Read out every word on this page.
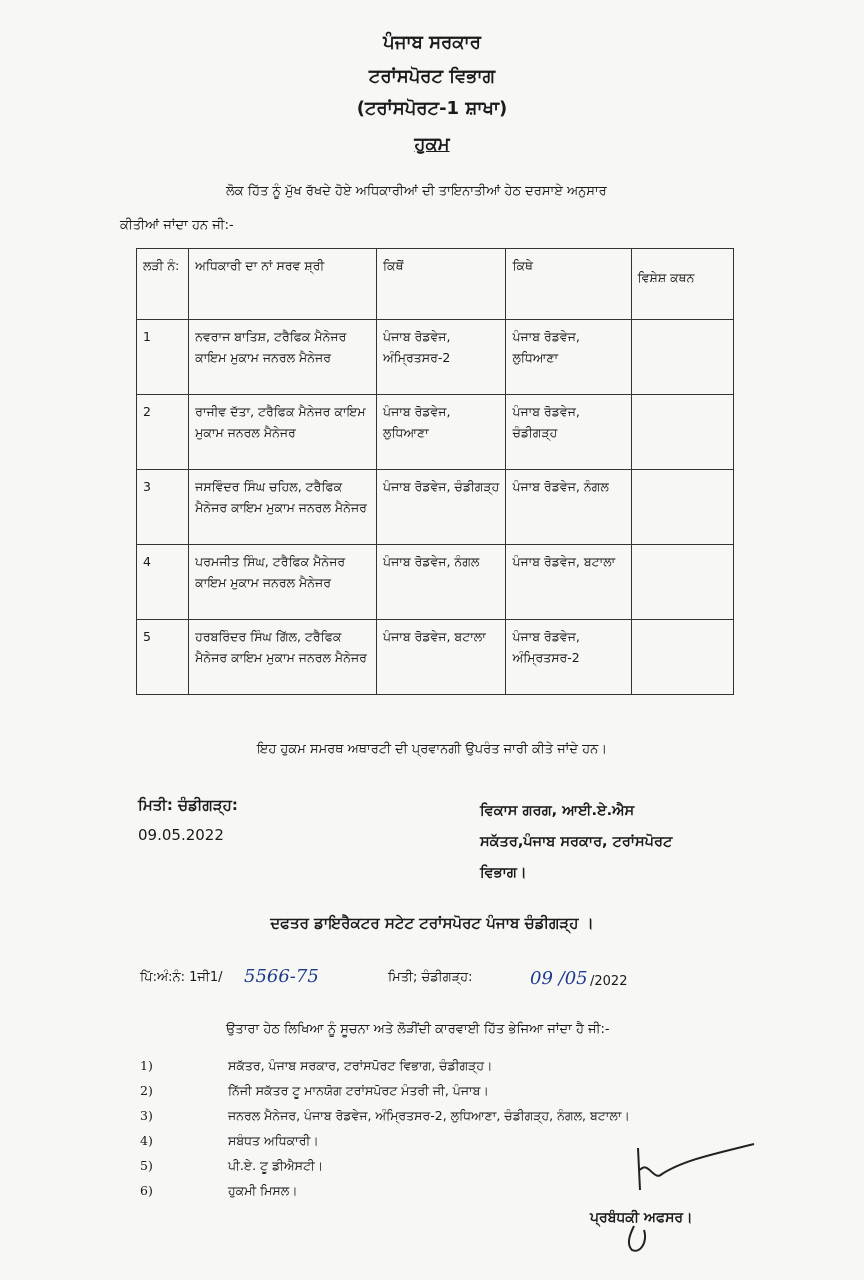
ਪੰਜਾਬ ਸਰਕਾਰ
ਟਰਾਂਸਪੋਰਟ ਵਿਭਾਗ
(ਟਰਾਂਸਪੋਰਟ-1 ਸ਼ਾਖਾ)
ਹੁਕਮ
ਲੋਕ ਹਿੱਤ ਨੂੰ ਮੁੱਖ ਰੱਖਦੇ ਹੋਏ ਅਧਿਕਾਰੀਆਂ ਦੀ ਤਾਇਨਾਤੀਆਂ ਹੇਠ ਦਰਸਾਏ ਅਨੁਸਾਰ
ਕੀਤੀਆਂ ਜਾਂਦਾ ਹਨ ਜੀ:-
ਲੜੀ ਨੰ:	ਅਧਿਕਾਰੀ ਦਾ ਨਾਂ ਸਰਵ ਸ਼੍ਰੀ	ਕਿਥੋਂ	ਕਿਥੇ	ਵਿਸ਼ੇਸ਼ ਕਥਨ
1	ਨਵਰਾਜ ਬਾਤਿਸ਼, ਟਰੈਫਿਕ ਮੈਨੇਜਰ ਕਾਇਮ ਮੁਕਾਮ ਜਨਰਲ ਮੈਨੇਜਰ	ਪੰਜਾਬ ਰੋਡਵੇਜ, ਅੰਮ੍ਰਿਤਸਰ-2	ਪੰਜਾਬ ਰੋਡਵੇਜ, ਲੁਧਿਆਣਾ	
2	ਰਾਜੀਵ ਦੱਤਾ, ਟਰੈਫਿਕ ਮੈਨੇਜਰ ਕਾਇਮ ਮੁਕਾਮ ਜਨਰਲ ਮੈਨੇਜਰ	ਪੰਜਾਬ ਰੋਡਵੇਜ, ਲੁਧਿਆਣਾ	ਪੰਜਾਬ ਰੋਡਵੇਜ, ਚੰਡੀਗੜ੍ਹ	
3	ਜਸਵਿੰਦਰ ਸਿੰਘ ਚਹਿਲ, ਟਰੈਫਿਕ ਮੈਨੇਜਰ ਕਾਇਮ ਮੁਕਾਮ ਜਨਰਲ ਮੈਨੇਜਰ	ਪੰਜਾਬ ਰੋਡਵੇਜ, ਚੰਡੀਗੜ੍ਹ	ਪੰਜਾਬ ਰੋਡਵੇਜ, ਨੰਗਲ	
4	ਪਰਮਜੀਤ ਸਿੰਘ, ਟਰੈਫਿਕ ਮੈਨੇਜਰ ਕਾਇਮ ਮੁਕਾਮ ਜਨਰਲ ਮੈਨੇਜਰ	ਪੰਜਾਬ ਰੋਡਵੇਜ, ਨੰਗਲ	ਪੰਜਾਬ ਰੋਡਵੇਜ, ਬਟਾਲਾ	
5	ਹਰਬਰਿੰਦਰ ਸਿੰਘ ਗਿੱਲ, ਟਰੈਫਿਕ ਮੈਨੇਜਰ ਕਾਇਮ ਮੁਕਾਮ ਜਨਰਲ ਮੈਨੇਜਰ	ਪੰਜਾਬ ਰੋਡਵੇਜ, ਬਟਾਲਾ	ਪੰਜਾਬ ਰੋਡਵੇਜ, ਅੰਮ੍ਰਿਤਸਰ-2	
ਇਹ ਹੁਕਮ ਸਮਰਥ ਅਥਾਰਟੀ ਦੀ ਪ੍ਰਵਾਨਗੀ ਉਪਰੰਤ ਜਾਰੀ ਕੀਤੇ ਜਾਂਦੇ ਹਨ।
ਮਿਤੀ: ਚੰਡੀਗੜ੍ਹ:
09.05.2022
ਵਿਕਾਸ ਗਰਗ, ਆਈ.ਏ.ਐਸ
ਸਕੱਤਰ,ਪੰਜਾਬ ਸਰਕਾਰ, ਟਰਾਂਸਪੋਰਟ
ਵਿਭਾਗ।
ਦਫਤਰ ਡਾਇਰੈਕਟਰ ਸਟੇਟ ਟਰਾਂਸਪੋਰਟ ਪੰਜਾਬ ਚੰਡੀਗੜ੍ਹ ।
ਪਿੱ:ਅੰ:ਨੰ: 1ਜੀ1/ 5566-75	ਮਿਤੀ; ਚੰਡੀਗੜ੍ਹ:	09 /05 /2022
ਉਤਾਰਾ ਹੇਠ ਲਿਖਿਆ ਨੂੰ ਸੂਚਨਾ ਅਤੇ ਲੋੜੀਂਦੀ ਕਾਰਵਾਈ ਹਿੱਤ ਭੇਜਿਆ ਜਾਂਦਾ ਹੈ ਜੀ:-
1)	ਸਕੱਤਰ, ਪੰਜਾਬ ਸਰਕਾਰ, ਟਰਾਂਸਪੋਰਟ ਵਿਭਾਗ, ਚੰਡੀਗੜ੍ਹ।
2)	ਨਿੱਜੀ ਸਕੱਤਰ ਟੂ ਮਾਨਯੋਗ ਟਰਾਂਸਪੋਰਟ ਮੰਤਰੀ ਜੀ, ਪੰਜਾਬ।
3)	ਜਨਰਲ ਮੈਨੇਜਰ, ਪੰਜਾਬ ਰੋਡਵੇਜ, ਅੰਮ੍ਰਿਤਸਰ-2, ਲੁਧਿਆਣਾ, ਚੰਡੀਗੜ੍ਹ, ਨੰਗਲ, ਬਟਾਲਾ।
4)	ਸਬੰਧਤ ਅਧਿਕਾਰੀ।
5)	ਪੀ.ਏ. ਟੂ ਡੀਐਸਟੀ।
6)	ਹੁਕਮੀ ਮਿਸਲ।
ਪ੍ਰਬੰਧਕੀ ਅਫਸਰ।
